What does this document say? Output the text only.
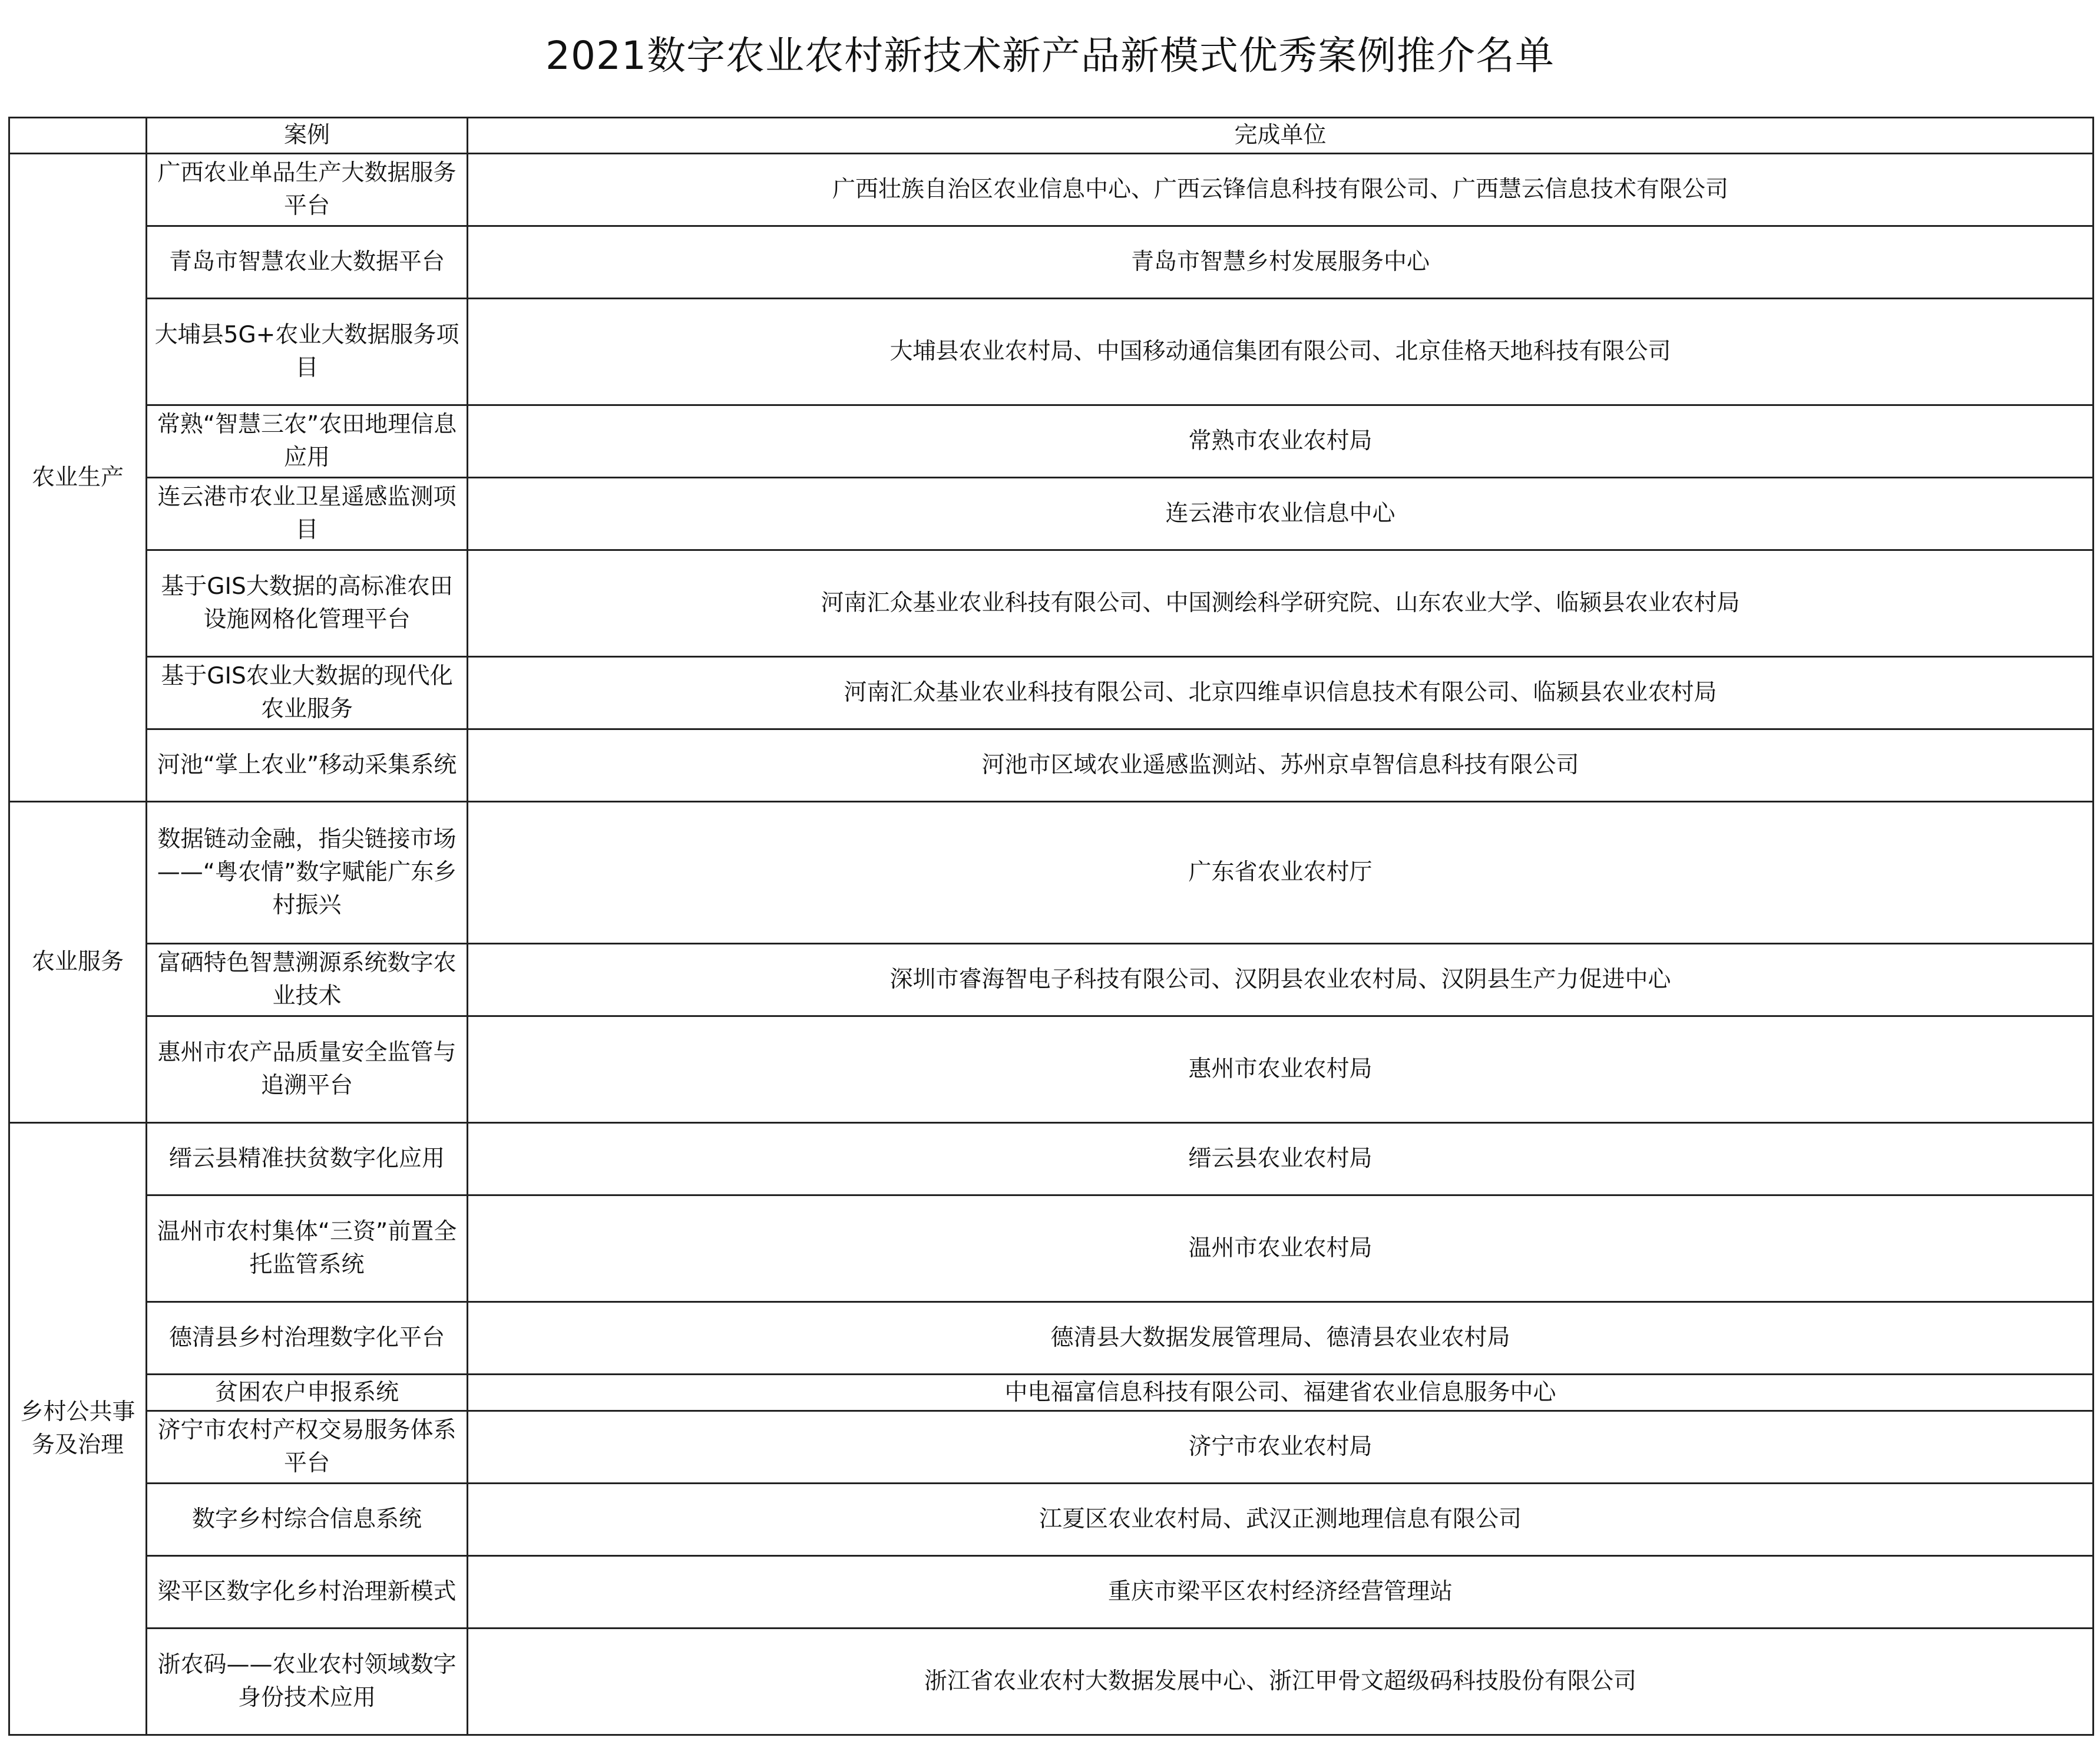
2021数字农业农村新技术新产品新模式优秀案例推介名单
	案例	完成单位
农业生产	广西农业单品生产大数据服务平台	广西壮族自治区农业信息中心、广西云锋信息科技有限公司、广西慧云信息技术有限公司
	青岛市智慧农业大数据平台	青岛市智慧乡村发展服务中心
	大埔县5G+农业大数据服务项目	大埔县农业农村局、中国移动通信集团有限公司、北京佳格天地科技有限公司
	常熟“智慧三农”农田地理信息应用	常熟市农业农村局
	连云港市农业卫星遥感监测项目	连云港市农业信息中心
	基于GIS大数据的高标准农田设施网格化管理平台	河南汇众基业农业科技有限公司、中国测绘科学研究院、山东农业大学、临颍县农业农村局
	基于GIS农业大数据的现代化农业服务	河南汇众基业农业科技有限公司、北京四维卓识信息技术有限公司、临颍县农业农村局
	河池“掌上农业”移动采集系统	河池市区域农业遥感监测站、苏州京卓智信息科技有限公司
农业服务	数据链动金融，指尖链接市场——“粤农情”数字赋能广东乡村振兴	广东省农业农村厅
	富硒特色智慧溯源系统数字农业技术	深圳市睿海智电子科技有限公司、汉阴县农业农村局、汉阴县生产力促进中心
	惠州市农产品质量安全监管与追溯平台	惠州市农业农村局
乡村公共事务及治理	缙云县精准扶贫数字化应用	缙云县农业农村局
	温州市农村集体“三资”前置全托监管系统	温州市农业农村局
	德清县乡村治理数字化平台	德清县大数据发展管理局、德清县农业农村局
	贫困农户申报系统	中电福富信息科技有限公司、福建省农业信息服务中心
	济宁市农村产权交易服务体系平台	济宁市农业农村局
	数字乡村综合信息系统	江夏区农业农村局、武汉正测地理信息有限公司
	梁平区数字化乡村治理新模式	重庆市梁平区农村经济经营管理站
	浙农码——农业农村领域数字身份技术应用	浙江省农业农村大数据发展中心、浙江甲骨文超级码科技股份有限公司
